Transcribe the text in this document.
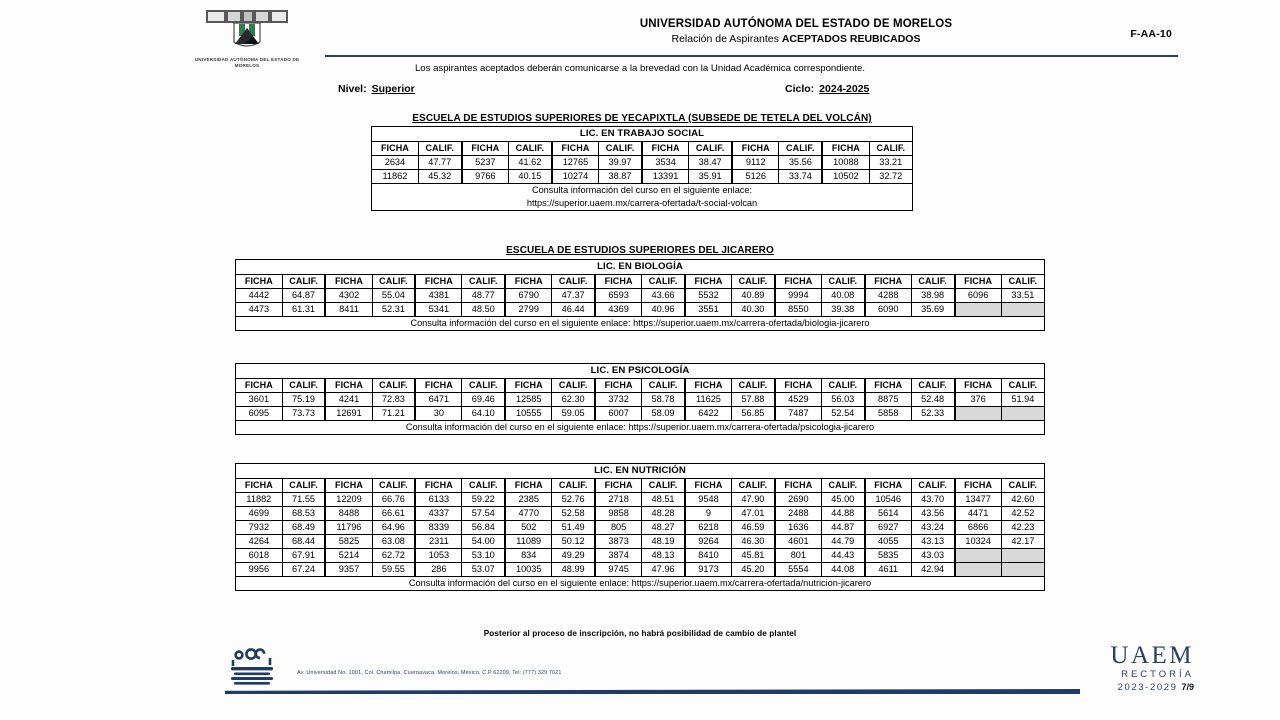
UNIVERSIDAD AUTÓNOMA DEL ESTADO DE MORELOS
UNIVERSIDAD AUTÓNOMA DEL ESTADO DE MORELOS
Relación de Aspirantes ACEPTADOS REUBICADOS	F-AA-10
Los aspirantes aceptados deberán comunicarse a la brevedad con la Unidad Académica correspondiente.
Nivel: Superior	Ciclo: 2024-2025
ESCUELA DE ESTUDIOS SUPERIORES DE YECAPIXTLA (SUBSEDE DE TETELA DEL VOLCÁN)
LIC. EN TRABAJO SOCIAL											
FICHA	CALIF.	FICHA	CALIF.	FICHA	CALIF.	FICHA	CALIF.	FICHA	CALIF.	FICHA	CALIF.
2634	47.77	5237	41.62	12765	39.97	3534	38.47	9112	35.56	10088	33.21
11862	45.32	9766	40.15	10274	38.87	13391	35.91	5126	33.74	10502	32.72
Consulta información del curso en el siguiente enlace:
https://superior.uaem.mx/carrera-ofertada/t-social-volcan											
ESCUELA DE ESTUDIOS SUPERIORES DEL JICARERO
LIC. EN BIOLOGÍA																	
FICHA	CALIF.	FICHA	CALIF.	FICHA	CALIF.	FICHA	CALIF.	FICHA	CALIF.	FICHA	CALIF.	FICHA	CALIF.	FICHA	CALIF.	FICHA	CALIF.
4442	64.87	4302	55.04	4381	48.77	6790	47.37	6593	43.66	5532	40.89	9994	40.08	4288	38.98	6096	33.51
4473	61.31	8411	52.31	5341	48.50	2799	46.44	4369	40.96	3551	40.30	8550	39.38	6090	35.69		
Consulta información del curso en el siguiente enlace: https://superior.uaem.mx/carrera-ofertada/biologia-jicarero																	
LIC. EN PSICOLOGÍA																	
FICHA	CALIF.	FICHA	CALIF.	FICHA	CALIF.	FICHA	CALIF.	FICHA	CALIF.	FICHA	CALIF.	FICHA	CALIF.	FICHA	CALIF.	FICHA	CALIF.
3601	75.19	4241	72.83	6471	69.46	12585	62.30	3732	58.78	11625	57.88	4529	56.03	8875	52.48	376	51.94
6095	73.73	12691	71.21	30	64.10	10555	59.05	6007	58.09	6422	56.85	7487	52.54	5858	52.33		
Consulta información del curso en el siguiente enlace: https://superior.uaem.mx/carrera-ofertada/psicologia-jicarero																	
LIC. EN NUTRICIÓN																	
FICHA	CALIF.	FICHA	CALIF.	FICHA	CALIF.	FICHA	CALIF.	FICHA	CALIF.	FICHA	CALIF.	FICHA	CALIF.	FICHA	CALIF.	FICHA	CALIF.
11882	71.55	12209	66.76	6133	59.22	2385	52.76	2718	48.51	9548	47.90	2690	45.00	10546	43.70	13477	42.60
4699	68.53	8488	66.61	4337	57.54	4770	52.58	9858	48.28	9	47.01	2488	44.88	5614	43.56	4471	42.52
7932	68.49	11796	64.96	8339	56.84	502	51.49	805	48.27	6218	46.59	1636	44.87	6927	43.24	6866	42.23
4264	68.44	5825	63.08	2311	54.00	11089	50.12	3873	48.19	9264	46.30	4601	44.79	4055	43.13	10324	42.17
6018	67.91	5214	62.72	1053	53.10	834	49.29	3874	48.13	8410	45.81	801	44.43	5835	43.03		
9956	67.24	9357	59.55	286	53.07	10035	48.99	9745	47.96	9173	45.20	5554	44.08	4611	42.94		
Consulta información del curso en el siguiente enlace: https://superior.uaem.mx/carrera-ofertada/nutricion-jicarero																	
Posterior al proceso de inscripción, no habrá posibilidad de cambio de plantel
Av. Universidad No. 1001, Col. Chamilpa, Cuernavaca, Morelos, México. C.P 62209, Tel: (777) 329 7021
UAEM
RECTORÍA
2023-2029 7/9
